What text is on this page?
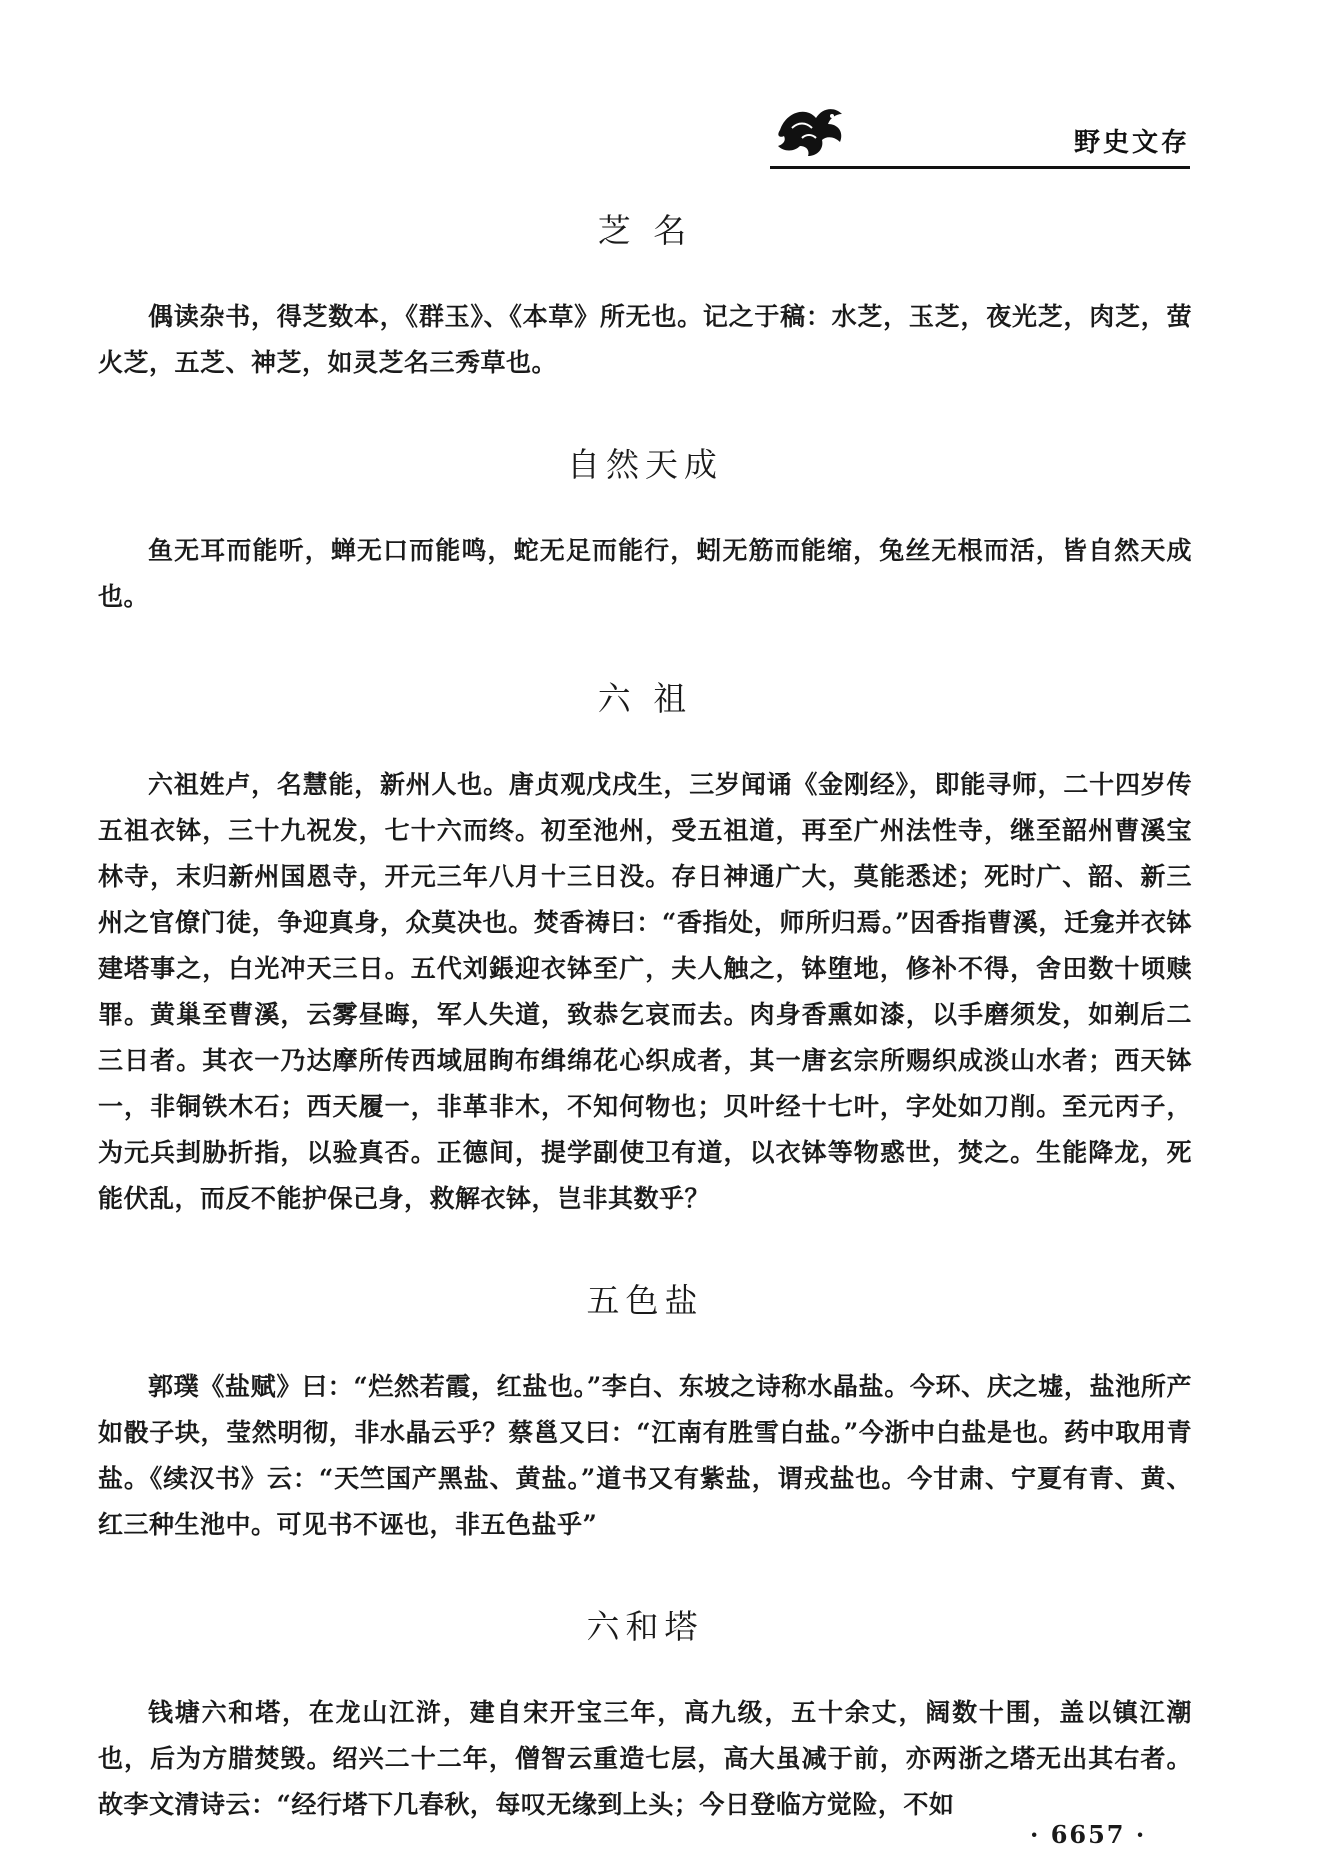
野史文存
芝 名

偶读杂书，得芝数本，《群玉》、《本草》所无也。记之于稿：水芝，玉芝，夜光芝，肉芝，萤火芝，五芝、神芝，如灵芝名三秀草也。

自然天成

鱼无耳而能听，蝉无口而能鸣，蛇无足而能行，蚓无筋而能缩，兔丝无根而活，皆自然天成也。

六 祖

六祖姓卢，名慧能，新州人也。唐贞观戊戌生，三岁闻诵《金刚经》，即能寻师，二十四岁传五祖衣钵，三十九祝发，七十六而终。初至池州，受五祖道，再至广州法性寺，继至韶州曹溪宝林寺，末归新州国恩寺，开元三年八月十三日没。存日神通广大，莫能悉述；死时广、韶、新三州之官僚门徒，争迎真身，众莫决也。焚香祷曰：“香指处，师所归焉。”因香指曹溪，迁龛并衣钵建塔事之，白光冲天三日。五代刘鋹迎衣钵至广，夫人触之，钵堕地，修补不得，舍田数十顷赎罪。黄巢至曹溪，云雾昼晦，军人失道，致恭乞哀而去。肉身香熏如漆，以手磨须发，如剃后二三日者。其衣一乃达摩所传西域屈眴布缉绵花心织成者，其一唐玄宗所赐织成淡山水者；西天钵一，非铜铁木石；西天履一，非革非木，不知何物也；贝叶经十七叶，字处如刀削。至元丙子，为元兵刲胁折指，以验真否。正德间，提学副使卫有道，以衣钵等物惑世，焚之。生能降龙，死能伏乱，而反不能护保己身，救解衣钵，岂非其数乎？

五色盐

郭璞《盐赋》曰：“烂然若霞，红盐也。”李白、东坡之诗称水晶盐。今环、庆之墟，盐池所产如骰子块，莹然明彻，非水晶云乎？蔡邕又曰：“江南有胜雪白盐。”今浙中白盐是也。药中取用青盐。《续汉书》云：“天竺国产黑盐、黄盐。”道书又有紫盐，谓戎盐也。今甘肃、宁夏有青、黄、红三种生池中。可见书不诬也，非五色盐乎”

六和塔

钱塘六和塔，在龙山江浒，建自宋开宝三年，高九级，五十余丈，阔数十围，盖以镇江潮也，后为方腊焚毁。绍兴二十二年，僧智云重造七层，高大虽减于前，亦两浙之塔无出其右者。故李文清诗云：“经行塔下几春秋，每叹无缘到上头；今日登临方觉险，不如

· 6657 ·
